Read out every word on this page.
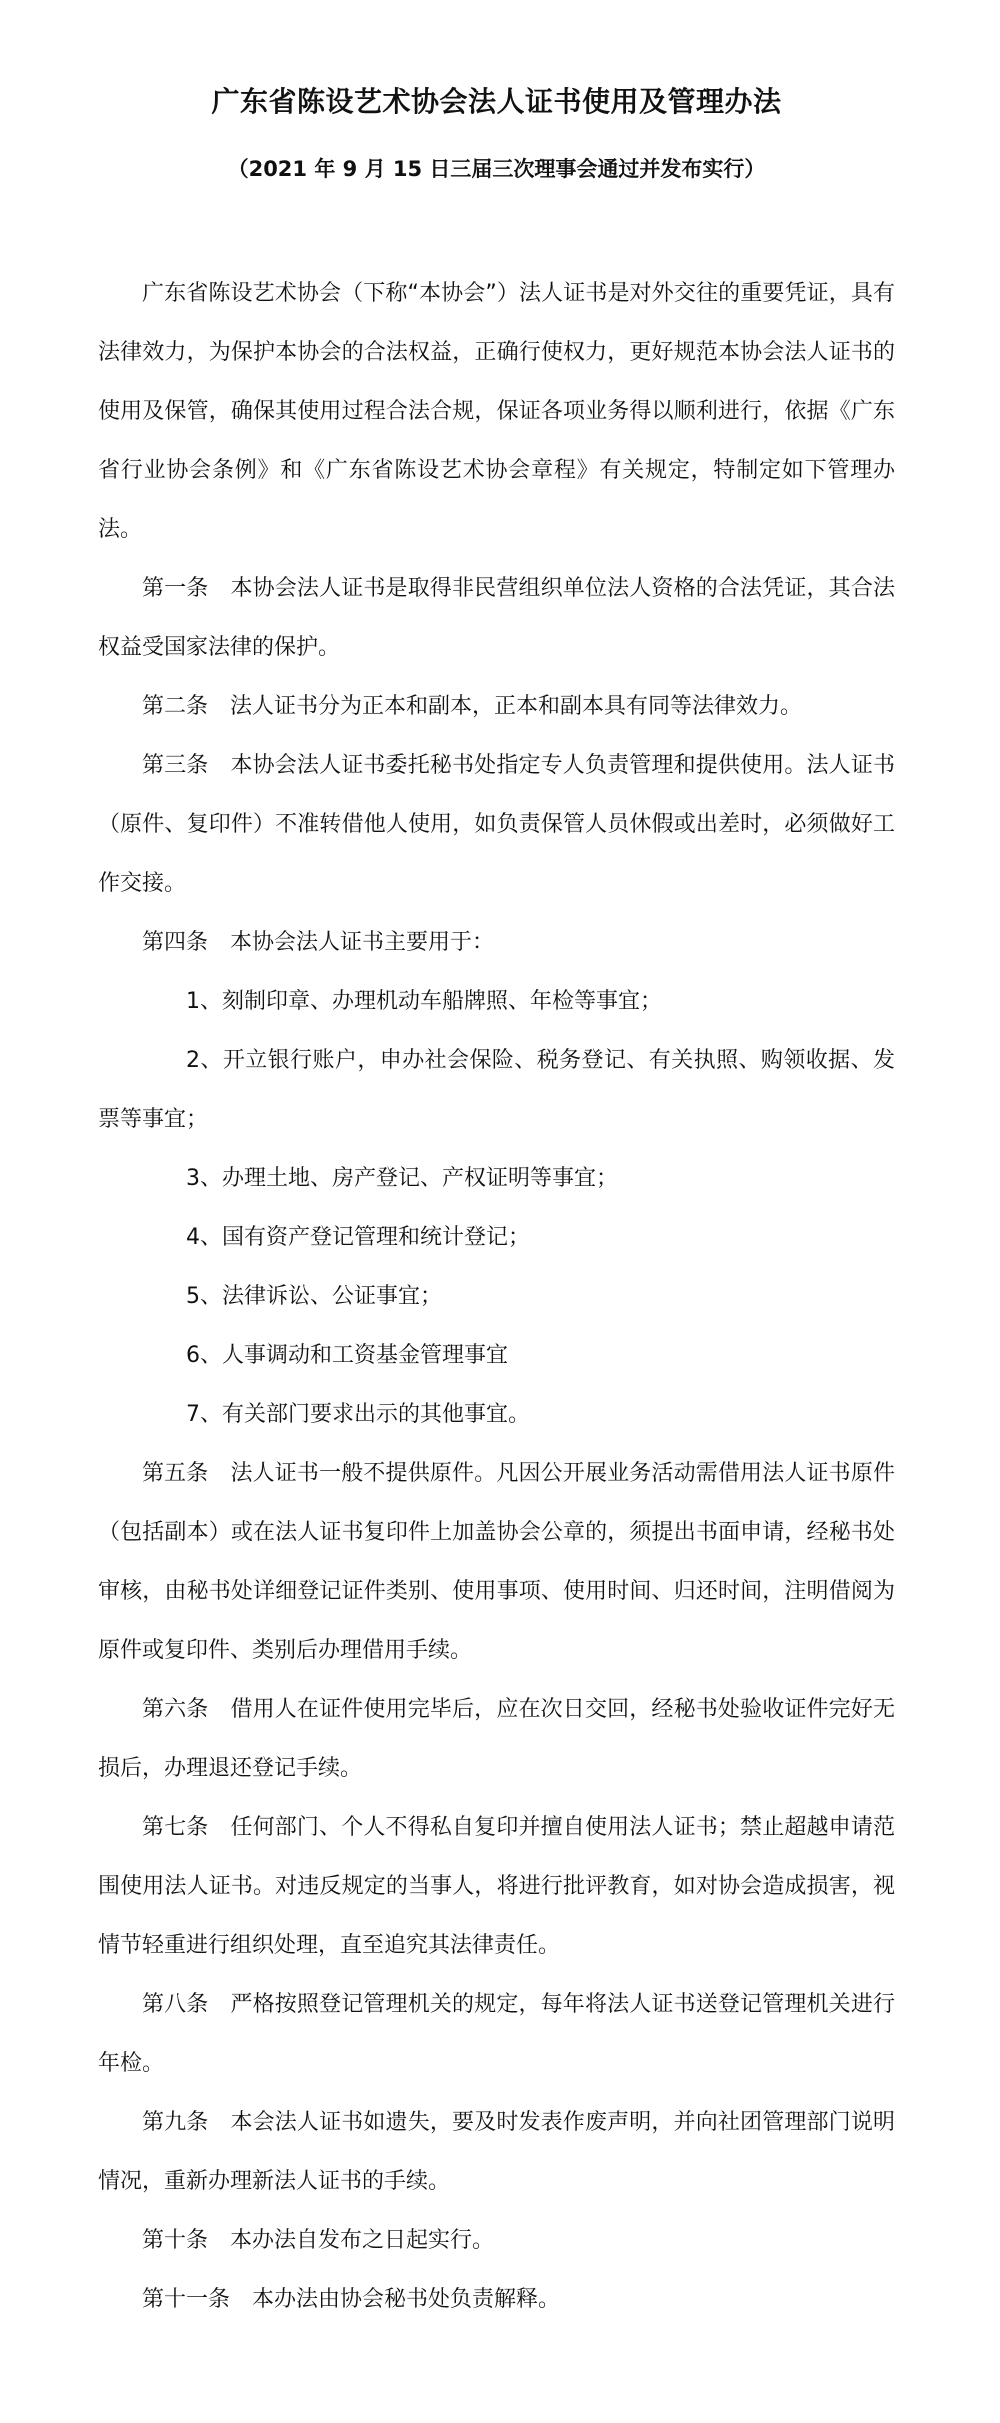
广东省陈设艺术协会法人证书使用及管理办法

（2021 年 9 月 15 日三届三次理事会通过并发布实行）

广东省陈设艺术协会（下称“本协会”）法人证书是对外交往的重要凭证，具有法律效力，为保护本协会的合法权益，正确行使权力，更好规范本协会法人证书的使用及保管，确保其使用过程合法合规，保证各项业务得以顺利进行，依据《广东省行业协会条例》和《广东省陈设艺术协会章程》有关规定，特制定如下管理办法。

第一条 本协会法人证书是取得非民营组织单位法人资格的合法凭证，其合法权益受国家法律的保护。

第二条 法人证书分为正本和副本，正本和副本具有同等法律效力。

第三条 本协会法人证书委托秘书处指定专人负责管理和提供使用。法人证书（原件、复印件）不准转借他人使用，如负责保管人员休假或出差时，必须做好工作交接。

第四条 本协会法人证书主要用于：

1、刻制印章、办理机动车船牌照、年检等事宜；

2、开立银行账户，申办社会保险、税务登记、有关执照、购领收据、发票等事宜；

3、办理土地、房产登记、产权证明等事宜；

4、国有资产登记管理和统计登记；

5、法律诉讼、公证事宜；

6、人事调动和工资基金管理事宜

7、有关部门要求出示的其他事宜。

第五条 法人证书一般不提供原件。凡因公开展业务活动需借用法人证书原件（包括副本）或在法人证书复印件上加盖协会公章的，须提出书面申请，经秘书处审核，由秘书处详细登记证件类别、使用事项、使用时间、归还时间，注明借阅为原件或复印件、类别后办理借用手续。

第六条 借用人在证件使用完毕后，应在次日交回，经秘书处验收证件完好无损后，办理退还登记手续。

第七条 任何部门、个人不得私自复印并擅自使用法人证书；禁止超越申请范围使用法人证书。对违反规定的当事人，将进行批评教育，如对协会造成损害，视情节轻重进行组织处理，直至追究其法律责任。

第八条 严格按照登记管理机关的规定，每年将法人证书送登记管理机关进行年检。

第九条 本会法人证书如遗失，要及时发表作废声明，并向社团管理部门说明情况，重新办理新法人证书的手续。

第十条 本办法自发布之日起实行。

第十一条 本办法由协会秘书处负责解释。
